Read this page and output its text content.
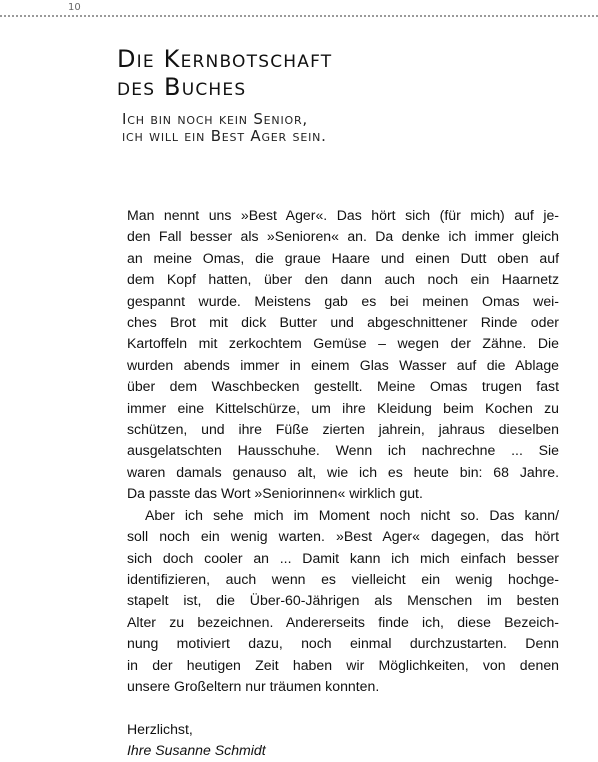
10
Die Kernbotschaft
des Buches
Ich bin noch kein Senior,
ich will ein Best Ager sein.
Man nennt uns »Best Ager«. Das hört sich (für mich) auf je-
den Fall besser als »Senioren« an. Da denke ich immer gleich
an meine Omas, die graue Haare und einen Dutt oben auf
dem Kopf hatten, über den dann auch noch ein Haarnetz
gespannt wurde. Meistens gab es bei meinen Omas wei-
ches Brot mit dick Butter und abgeschnittener Rinde oder
Kartoffeln mit zerkochtem Gemüse – wegen der Zähne. Die
wurden abends immer in einem Glas Wasser auf die Ablage
über dem Waschbecken gestellt. Meine Omas trugen fast
immer eine Kittelschürze, um ihre Kleidung beim Kochen zu
schützen, und ihre Füße zierten jahrein, jahraus dieselben
ausgelatschten Hausschuhe. Wenn ich nachrechne ... Sie
waren damals genauso alt, wie ich es heute bin: 68 Jahre.
Da passte das Wort »Seniorinnen« wirklich gut.
Aber ich sehe mich im Moment noch nicht so. Das kann/
soll noch ein wenig warten. »Best Ager« dagegen, das hört
sich doch cooler an ... Damit kann ich mich einfach besser
identifizieren, auch wenn es vielleicht ein wenig hochge-
stapelt ist, die Über-60-Jährigen als Menschen im besten
Alter zu bezeichnen. Andererseits finde ich, diese Bezeich-
nung motiviert dazu, noch einmal durchzustarten. Denn
in der heutigen Zeit haben wir Möglichkeiten, von denen
unsere Großeltern nur träumen konnten.
Herzlichst,
Ihre Susanne Schmidt
